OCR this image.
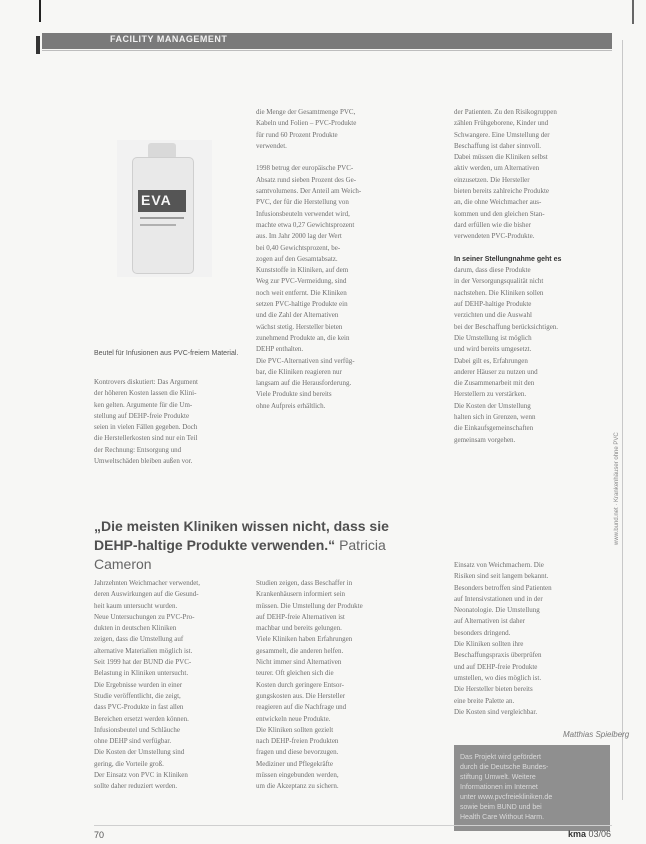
FACILITY MANAGEMENT
EVA
Beutel für Infusionen aus PVC-freiem Material.
Kontrovers diskutiert: Das Argument
der höheren Kosten lassen die Klini-
ken gelten. Argumente für die Um-
stellung auf DEHP-freie Produkte
seien in vielen Fällen gegeben. Doch
die Herstellerkosten sind nur ein Teil
der Rechnung: Entsorgung und
Umweltschäden bleiben außen vor.
die Menge der Gesamtmenge PVC,
Kabeln und Folien – PVC-Produkte
für rund 60 Prozent Produkte
verwendet.
1998 betrug der europäische PVC-
Absatz rund sieben Prozent des Ge-
samtvolumens. Der Anteil am Weich-
PVC, der für die Herstellung von
Infusionsbeuteln verwendet wird,
machte etwa 0,27 Gewichtsprozent
aus. Im Jahr 2000 lag der Wert
bei 0,40 Gewichtsprozent, be-
zogen auf den Gesamtabsatz.
Kunststoffe in Kliniken, auf dem
Weg zur PVC-Vermeidung, sind
noch weit entfernt. Die Kliniken
setzen PVC-haltige Produkte ein
und die Zahl der Alternativen
wächst stetig. Hersteller bieten
zunehmend Produkte an, die kein
DEHP enthalten.
Die PVC-Alternativen sind verfüg-
bar, die Kliniken reagieren nur
langsam auf die Herausforderung.
Viele Produkte sind bereits
ohne Aufpreis erhältlich.
der Patienten. Zu den Risikogruppen
zählen Frühgeborene, Kinder und
Schwangere. Eine Umstellung der
Beschaffung ist daher sinnvoll.
Dabei müssen die Kliniken selbst
aktiv werden, um Alternativen
einzusetzen. Die Hersteller
bieten bereits zahlreiche Produkte
an, die ohne Weichmacher aus-
kommen und den gleichen Stan-
dard erfüllen wie die bisher
verwendeten PVC-Produkte.
In seiner Stellungnahme geht es
darum, dass diese Produkte
in der Versorgungsqualität nicht
nachstehen. Die Kliniken sollen
auf DEHP-haltige Produkte
verzichten und die Auswahl
bei der Beschaffung berücksichtigen.
Die Umstellung ist möglich
und wird bereits umgesetzt.
Dabei gilt es, Erfahrungen
anderer Häuser zu nutzen und
die Zusammenarbeit mit den
Herstellern zu verstärken.
Die Kosten der Umstellung
halten sich in Grenzen, wenn
die Einkaufsgemeinschaften
gemeinsam vorgehen.
„Die meisten Kliniken wissen nicht, dass sie DEHP-haltige Produkte verwenden.“ Patricia Cameron
Jahrzehnten Weichmacher verwendet,
deren Auswirkungen auf die Gesund-
heit kaum untersucht wurden.
Neue Untersuchungen zu PVC-Pro-
dukten in deutschen Kliniken
zeigen, dass die Umstellung auf
alternative Materialien möglich ist.
Seit 1999 hat der BUND die PVC-
Belastung in Kliniken untersucht.
Die Ergebnisse wurden in einer
Studie veröffentlicht, die zeigt,
dass PVC-Produkte in fast allen
Bereichen ersetzt werden können.
Infusionsbeutel und Schläuche
ohne DEHP sind verfügbar.
Die Kosten der Umstellung sind
gering, die Vorteile groß.
Der Einsatz von PVC in Kliniken
sollte daher reduziert werden.
Studien zeigen, dass Beschaffer in
Krankenhäusern informiert sein
müssen. Die Umstellung der Produkte
auf DEHP-freie Alternativen ist
machbar und bereits gelungen.
Viele Kliniken haben Erfahrungen
gesammelt, die anderen helfen.
Nicht immer sind Alternativen
teurer. Oft gleichen sich die
Kosten durch geringere Entsor-
gungskosten aus. Die Hersteller
reagieren auf die Nachfrage und
entwickeln neue Produkte.
Die Kliniken sollten gezielt
nach DEHP-freien Produkten
fragen und diese bevorzugen.
Mediziner und Pflegekräfte
müssen eingebunden werden,
um die Akzeptanz zu sichern.
Einsatz von Weichmachern. Die
Risiken sind seit langem bekannt.
Besonders betroffen sind Patienten
auf Intensivstationen und in der
Neonatologie. Die Umstellung
auf Alternativen ist daher
besonders dringend.
Die Kliniken sollten ihre
Beschaffungspraxis überprüfen
und auf DEHP-freie Produkte
umstellen, wo dies möglich ist.
Die Hersteller bieten bereits
eine breite Palette an.
Die Kosten sind vergleichbar.
Matthias Spielberg
www.bund.net · Krankenhäuser ohne PVC
Das Projekt wird gefördert
durch die Deutsche Bundes-
stiftung Umwelt. Weitere
Informationen im Internet
unter www.pvcfreiekliniken.de
sowie beim BUND und bei
Health Care Without Harm.
70	kma 03/06
